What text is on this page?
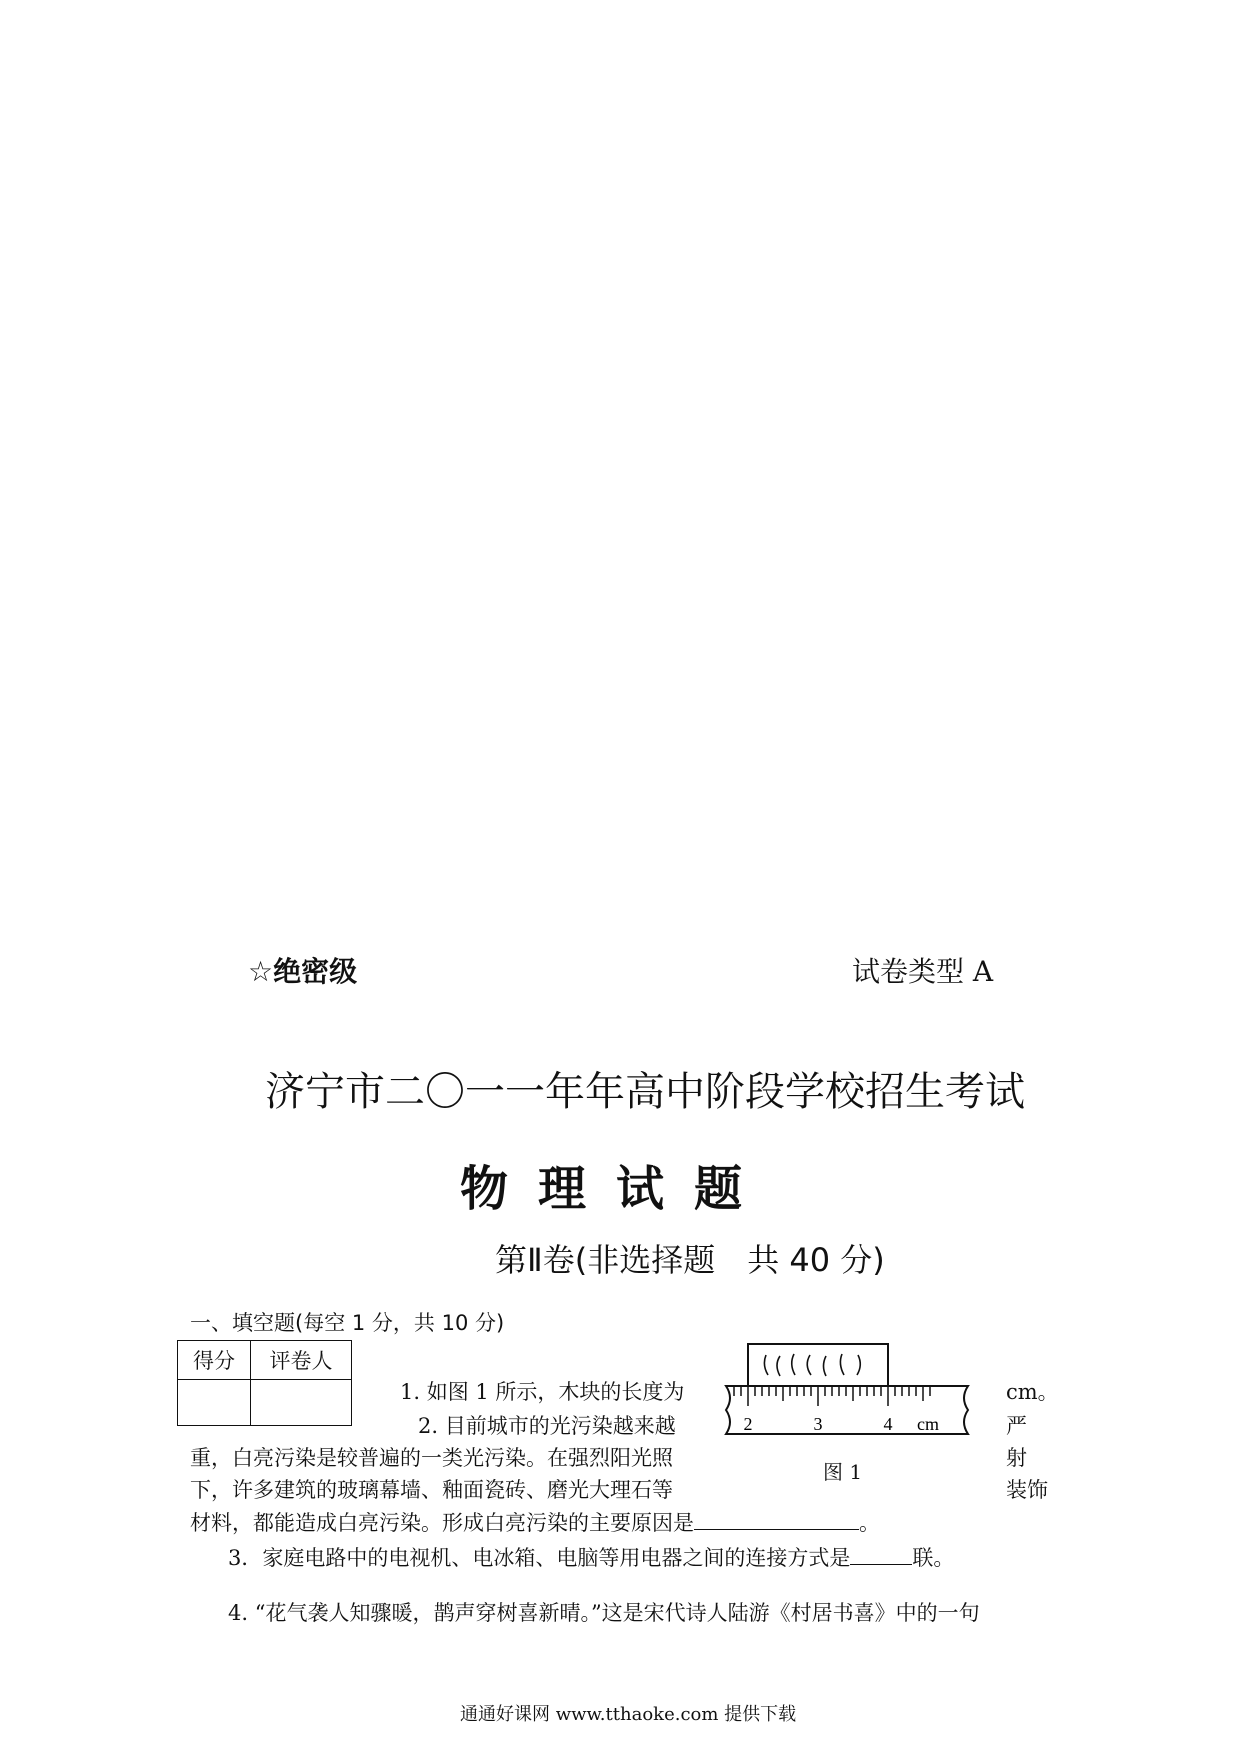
☆绝密级	试卷类型 A
济宁市二〇一一年年高中阶段学校招生考试
物理试题
第Ⅱ卷(非选择题　共 40 分)
一、填空题(每空 1 分，共 10 分)
得分	评卷人

1. 如图 1 所示，木块的长度为	cm。
2. 目前城市的光污染越来越	严
重，白亮污染是较普遍的一类光污染。在强烈阳光照	射
下，许多建筑的玻璃幕墙、釉面瓷砖、磨光大理石等	装饰
材料，都能造成白亮污染。形成白亮污染的主要原因是	。
3．家庭电路中的电视机、电冰箱、电脑等用电器之间的连接方式是	联。
4. “花气袭人知骤暖，鹊声穿树喜新晴。”这是宋代诗人陆游《村居书喜》中的一句
2	3	4 cm
图 1
通通好课网 www.tthaoke.com 提供下载
